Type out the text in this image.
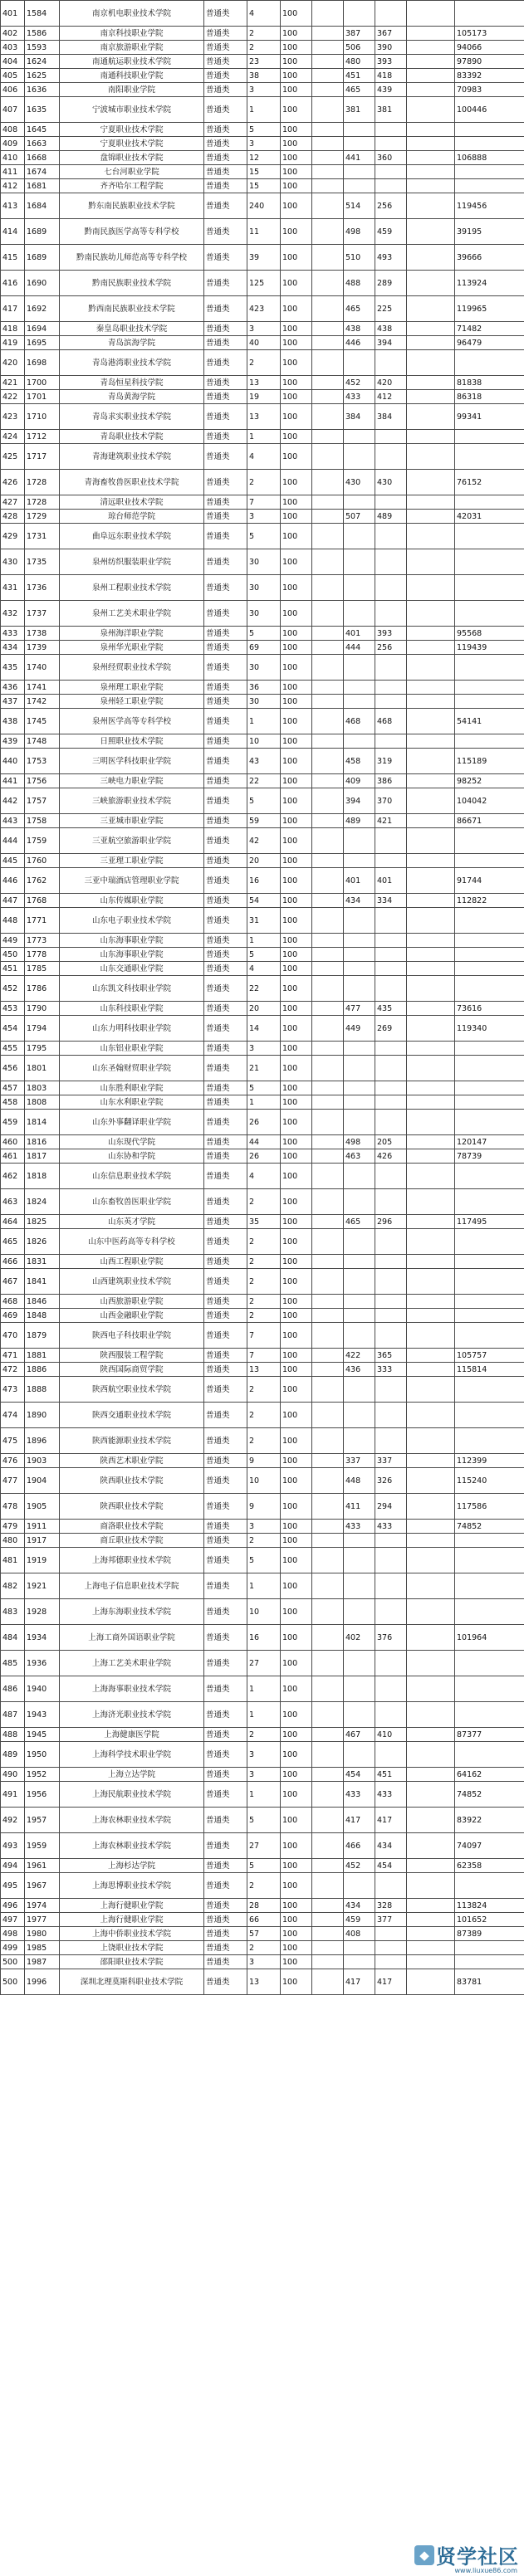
401	1584	南京机电职业技术学院	普通类	4	100					
402	1586	南京科技职业学院	普通类	2	100		387	367		105173
403	1593	南京旅游职业学院	普通类	2	100		506	390		94066
404	1624	南通航运职业技术学院	普通类	23	100		480	393		97890
405	1625	南通科技职业学院	普通类	38	100		451	418		83392
406	1636	南阳职业学院	普通类	3	100		465	439		70983
407	1635	宁波城市职业技术学院	普通类	1	100		381	381		100446
408	1645	宁夏职业技术学院	普通类	5	100					
409	1663	宁夏职业技术学院	普通类	3	100					
410	1668	盘锦职业技术学院	普通类	12	100		441	360		106888
411	1674	七台河职业学院	普通类	15	100					
412	1681	齐齐哈尔工程学院	普通类	15	100					
413	1684	黔东南民族职业技术学院	普通类	240	100		514	256		119456
414	1689	黔南民族医学高等专科学校	普通类	11	100		498	459		39195
415	1689	黔南民族幼儿师范高等专科学校	普通类	39	100		510	493		39666
416	1690	黔南民族职业技术学院	普通类	125	100		488	289		113924
417	1692	黔西南民族职业技术学院	普通类	423	100		465	225		119965
418	1694	秦皇岛职业技术学院	普通类	3	100		438	438		71482
419	1695	青岛滨海学院	普通类	40	100		446	394		96479
420	1698	青岛港湾职业技术学院	普通类	2	100					
421	1700	青岛恒星科技学院	普通类	13	100		452	420		81838
422	1701	青岛黄海学院	普通类	19	100		433	412		86318
423	1710	青岛求实职业技术学院	普通类	13	100		384	384		99341
424	1712	青岛职业技术学院	普通类	1	100					
425	1717	青海建筑职业技术学院	普通类	4	100					
426	1728	青海畜牧兽医职业技术学院	普通类	2	100		430	430		76152
427	1728	清远职业技术学院	普通类	7	100					
428	1729	琼台师范学院	普通类	3	100		507	489		42031
429	1731	曲阜远东职业技术学院	普通类	5	100					
430	1735	泉州纺织服装职业学院	普通类	30	100					
431	1736	泉州工程职业技术学院	普通类	30	100					
432	1737	泉州工艺美术职业学院	普通类	30	100					
433	1738	泉州海洋职业学院	普通类	5	100		401	393		95568
434	1739	泉州华光职业学院	普通类	69	100		444	256		119439
435	1740	泉州经贸职业技术学院	普通类	30	100					
436	1741	泉州理工职业学院	普通类	36	100					
437	1742	泉州轻工职业学院	普通类	30	100					
438	1745	泉州医学高等专科学校	普通类	1	100		468	468		54141
439	1748	日照职业技术学院	普通类	10	100					
440	1753	三明医学科技职业学院	普通类	43	100		458	319		115189
441	1756	三峡电力职业学院	普通类	22	100		409	386		98252
442	1757	三峡旅游职业技术学院	普通类	5	100		394	370		104042
443	1758	三亚城市职业学院	普通类	59	100		489	421		86671
444	1759	三亚航空旅游职业学院	普通类	42	100					
445	1760	三亚理工职业学院	普通类	20	100					
446	1762	三亚中瑞酒店管理职业学院	普通类	16	100		401	401		91744
447	1768	山东传媒职业学院	普通类	54	100		434	334		112822
448	1771	山东电子职业技术学院	普通类	31	100					
449	1773	山东海事职业学院	普通类	1	100					
450	1778	山东海事职业学院	普通类	5	100					
451	1785	山东交通职业学院	普通类	4	100					
452	1786	山东凯文科技职业学院	普通类	22	100					
453	1790	山东科技职业学院	普通类	20	100		477	435		73616
454	1794	山东力明科技职业学院	普通类	14	100		449	269		119340
455	1795	山东铝业职业学院	普通类	3	100					
456	1801	山东圣翰财贸职业学院	普通类	21	100					
457	1803	山东胜利职业学院	普通类	5	100					
458	1808	山东水利职业学院	普通类	1	100					
459	1814	山东外事翻译职业学院	普通类	26	100					
460	1816	山东现代学院	普通类	44	100		498	205		120147
461	1817	山东协和学院	普通类	26	100		463	426		78739
462	1818	山东信息职业技术学院	普通类	4	100					
463	1824	山东畜牧兽医职业学院	普通类	2	100					
464	1825	山东英才学院	普通类	35	100		465	296		117495
465	1826	山东中医药高等专科学校	普通类	2	100					
466	1831	山西工程职业学院	普通类	2	100					
467	1841	山西建筑职业技术学院	普通类	2	100					
468	1846	山西旅游职业学院	普通类	2	100					
469	1848	山西金融职业学院	普通类	2	100					
470	1879	陕西电子科技职业学院	普通类	7	100					
471	1881	陕西服装工程学院	普通类	7	100		422	365		105757
472	1886	陕西国际商贸学院	普通类	13	100		436	333		115814
473	1888	陕西航空职业技术学院	普通类	2	100					
474	1890	陕西交通职业技术学院	普通类	2	100					
475	1896	陕西能源职业技术学院	普通类	2	100					
476	1903	陕西艺术职业学院	普通类	9	100		337	337		112399
477	1904	陕西职业技术学院	普通类	10	100		448	326		115240
478	1905	陕西职业技术学院	普通类	9	100		411	294		117586
479	1911	商洛职业技术学院	普通类	3	100		433	433		74852
480	1917	商丘职业技术学院	普通类	2	100					
481	1919	上海邦德职业技术学院	普通类	5	100					
482	1921	上海电子信息职业技术学院	普通类	1	100					
483	1928	上海东海职业技术学院	普通类	10	100					
484	1934	上海工商外国语职业学院	普通类	16	100		402	376		101964
485	1936	上海工艺美术职业学院	普通类	27	100					
486	1940	上海海事职业技术学院	普通类	1	100					
487	1943	上海济光职业技术学院	普通类	1	100					
488	1945	上海健康医学院	普通类	2	100		467	410		87377
489	1950	上海科学技术职业学院	普通类	3	100					
490	1952	上海立达学院	普通类	3	100		454	451		64162
491	1956	上海民航职业技术学院	普通类	1	100		433	433		74852
492	1957	上海农林职业技术学院	普通类	5	100		417	417		83922
493	1959	上海农林职业技术学院	普通类	27	100		466	434		74097
494	1961	上海杉达学院	普通类	5	100		452	454		62358
495	1967	上海思博职业技术学院	普通类	2	100					
496	1974	上海行健职业学院	普通类	28	100		434	328		113824
497	1977	上海行健职业学院	普通类	66	100		459	377		101652
498	1980	上海中侨职业技术学院	普通类	57	100		408			87389
499	1985	上饶职业技术学院	普通类	2	100					
500	1987	邵阳职业技术学院	普通类	3	100					
500	1996	深圳北理莫斯科职业技术学院	普通类	13	100		417	417		83781
◆ 贤学社区
www.liuxue86.com
